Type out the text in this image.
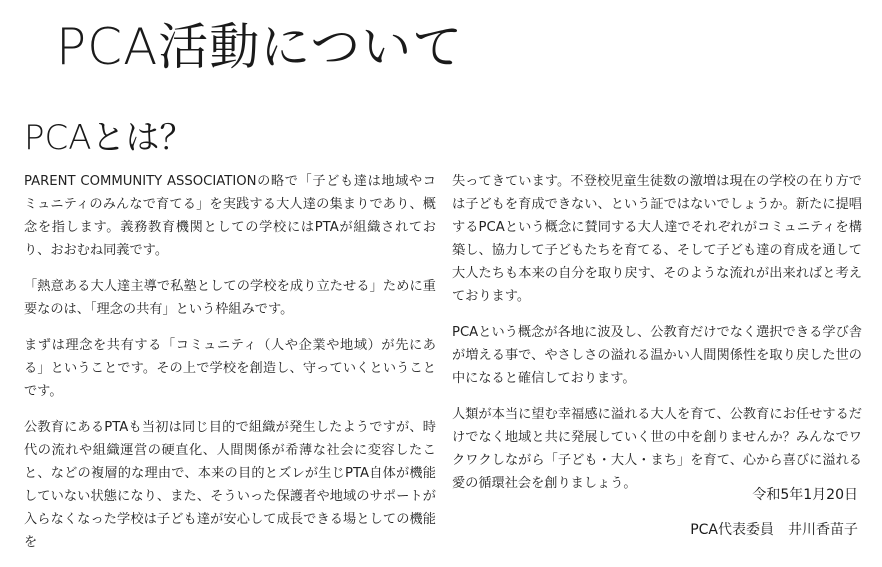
PCA活動について
PCAとは？

PARENT COMMUNITY ASSOCIATIONの略で「子ども達は地域やコミュニティのみんなで育てる」を実践する大人達の集まりであり、概念を指します。義務教育機関としての学校にはPTAが組織されており、おおむね同義です。

「熱意ある大人達主導で私塾としての学校を成り立たせる」ために重要なのは、「理念の共有」という枠組みです。

まずは理念を共有する「コミュニティ（人や企業や地域）が先にある」ということです。その上で学校を創造し、守っていくということです。

公教育にあるPTAも当初は同じ目的で組織が発生したようですが、時代の流れや組織運営の硬直化、人間関係が希薄な社会に変容したこと、などの複層的な理由で、本来の目的とズレが生じPTA自体が機能していない状態になり、また、そういった保護者や地域のサポートが入らなくなった学校は子ども達が安心して成長できる場としての機能を

失ってきています。不登校児童生徒数の激増は現在の学校の在り方では子どもを育成できない、という証ではないでしょうか。新たに提唱するPCAという概念に賛同する大人達でそれぞれがコミュニティを構築し、協力して子どもたちを育てる、そして子ども達の育成を通して大人たちも本来の自分を取り戻す、そのような流れが出来ればと考えております。

PCAという概念が各地に波及し、公教育だけでなく選択できる学び舎が増える事で、やさしさの溢れる温かい人間関係性を取り戻した世の中になると確信しております。

人類が本当に望む幸福感に溢れる大人を育て、公教育にお任せするだけでなく地域と共に発展していく世の中を創りませんか？みんなでワクワクしながら「子ども・大人・まち」を育て、心から喜びに溢れる愛の循環社会を創りましょう。

令和5年1月20日
PCA代表委員　井川香苗子
